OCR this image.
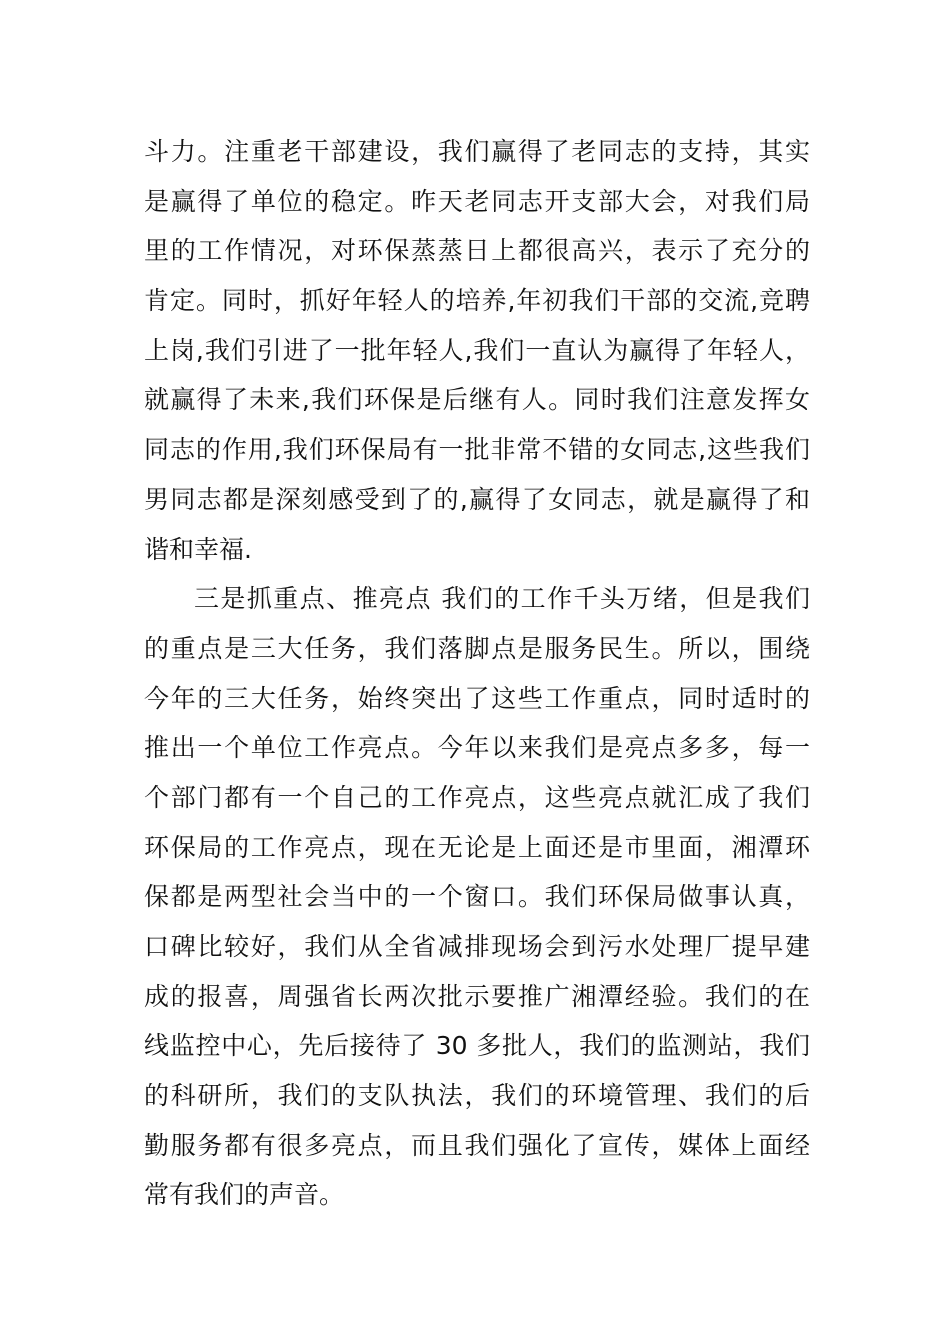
斗力。注重老干部建设，我们赢得了老同志的支持，其实
是赢得了单位的稳定。昨天老同志开支部大会，对我们局
里的工作情况，对环保蒸蒸日上都很高兴，表示了充分的
肯定。同时，抓好年轻人的培养,年初我们干部的交流,竞聘
上岗,我们引进了一批年轻人,我们一直认为赢得了年轻人，
就赢得了未来,我们环保是后继有人。同时我们注意发挥女
同志的作用,我们环保局有一批非常不错的女同志,这些我们
男同志都是深刻感受到了的,赢得了女同志，就是赢得了和
谐和幸福.
三是抓重点、推亮点 我们的工作千头万绪，但是我们
的重点是三大任务，我们落脚点是服务民生。所以，围绕
今年的三大任务，始终突出了这些工作重点，同时适时的
推出一个单位工作亮点。今年以来我们是亮点多多，每一
个部门都有一个自己的工作亮点，这些亮点就汇成了我们
环保局的工作亮点，现在无论是上面还是市里面，湘潭环
保都是两型社会当中的一个窗口。我们环保局做事认真，
口碑比较好，我们从全省减排现场会到污水处理厂提早建
成的报喜，周强省长两次批示要推广湘潭经验。我们的在
线监控中心，先后接待了 30 多批人，我们的监测站，我们
的科研所，我们的支队执法，我们的环境管理、我们的后
勤服务都有很多亮点，而且我们强化了宣传，媒体上面经
常有我们的声音。
